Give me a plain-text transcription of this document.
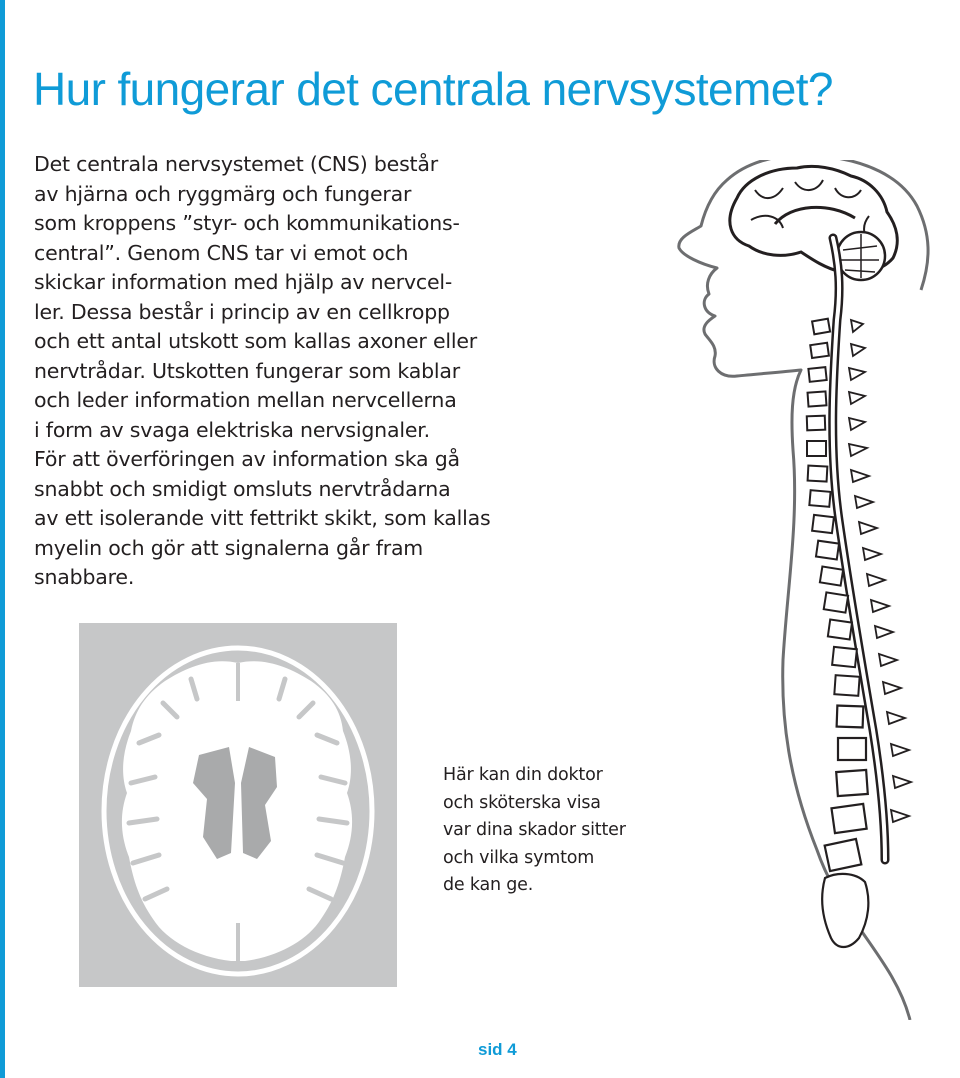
Hur fungerar det centrala nervsystemet?
Det centrala nervsystemet (CNS) består
av hjärna och ryggmärg och fungerar
som kroppens ”styr- och kommunikations-
central”. Genom CNS tar vi emot och
skickar information med hjälp av nervcel-
ler. Dessa består i princip av en cellkropp
och ett antal utskott som kallas axoner eller
nervtrådar. Utskotten fungerar som kablar
och leder information mellan nervcellerna
i form av svaga elektriska nervsignaler.
För att överföringen av information ska gå
snabbt och smidigt omsluts nervtrådarna
av ett isolerande vitt fettrikt skikt, som kallas
myelin och gör att signalerna går fram
snabbare.
Här kan din doktor
och sköterska visa
var dina skador sitter
och vilka symtom
de kan ge.
sid 4
